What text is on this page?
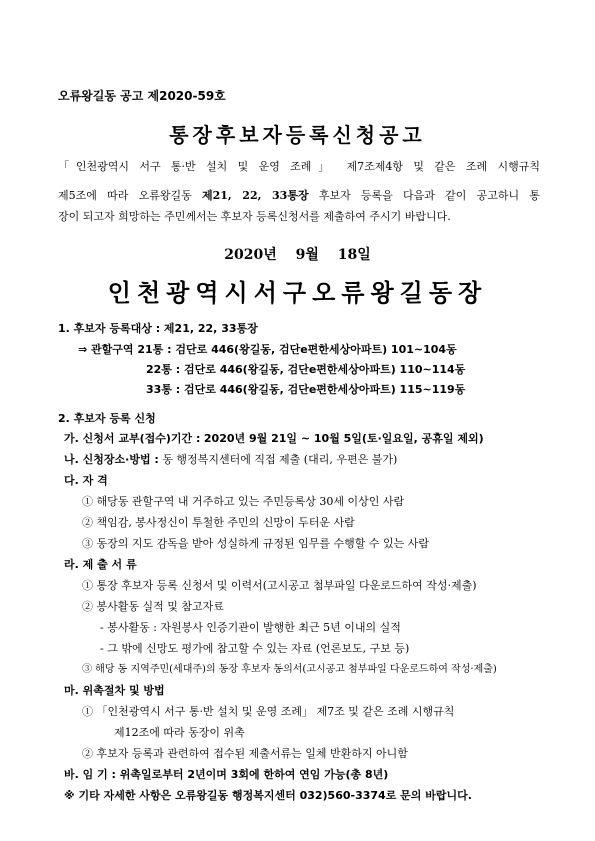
오류왕길동 공고 제2020-59호
통장후보자등록신청공고
「인천광역시 서구 통·반 설치 및 운영 조례」 제7조제4항 및 같은 조례 시행규칙
제5조에 따라 오류왕길동 제21, 22, 33통장 후보자 등록을 다음과 같이 공고하니 통
장이 되고자 희망하는 주민께서는 후보자 등록신청서를 제출하여 주시기 바랍니다.
2020년 9월 18일
인천광역시서구오류왕길동장
1. 후보자 등록대상 : 제21, 22, 33통장
⇒ 관할구역 21통 : 검단로 446(왕길동, 검단e편한세상아파트) 101~104동
22통 : 검단로 446(왕길동, 검단e편한세상아파트) 110~114동
33통 : 검단로 446(왕길동, 검단e편한세상아파트) 115~119동
2. 후보자 등록 신청
가. 신청서 교부(접수)기간 : 2020년 9월 21일 ~ 10월 5일(토·일요일, 공휴일 제외)
나. 신청장소·방법 : 동 행정복지센터에 직접 제출 (대리, 우편은 불가)
다. 자 격
① 해당동 관할구역 내 거주하고 있는 주민등록상 30세 이상인 사람
② 책임감, 봉사정신이 투철한 주민의 신망이 두터운 사람
③ 동장의 지도 감독을 받아 성실하게 규정된 임무를 수행할 수 있는 사람
라. 제 출 서 류
① 통장 후보자 등록 신청서 및 이력서(고시공고 첨부파일 다운로드하여 작성·제출)
② 봉사활동 실적 및 참고자료
- 봉사활동 : 자원봉사 인증기관이 발행한 최근 5년 이내의 실적
- 그 밖에 신망도 평가에 참고할 수 있는 자료 (언론보도, 구보 등)
③ 해당 동 지역주민(세대주)의 동장 후보자 동의서(고시공고 첨부파일 다운로드하여 작성·제출)
마. 위촉절차 및 방법
① 「인천광역시 서구 통·반 설치 및 운영 조례」 제7조 및 같은 조례 시행규칙
제12조에 따라 동장이 위촉
② 후보자 등록과 관련하여 접수된 제출서류는 일체 반환하지 아니함
바. 임 기 : 위촉일로부터 2년이며 3회에 한하여 연임 가능(총 8년)
※ 기타 자세한 사항은 오류왕길동 행정복지센터 032)560-3374로 문의 바랍니다.
